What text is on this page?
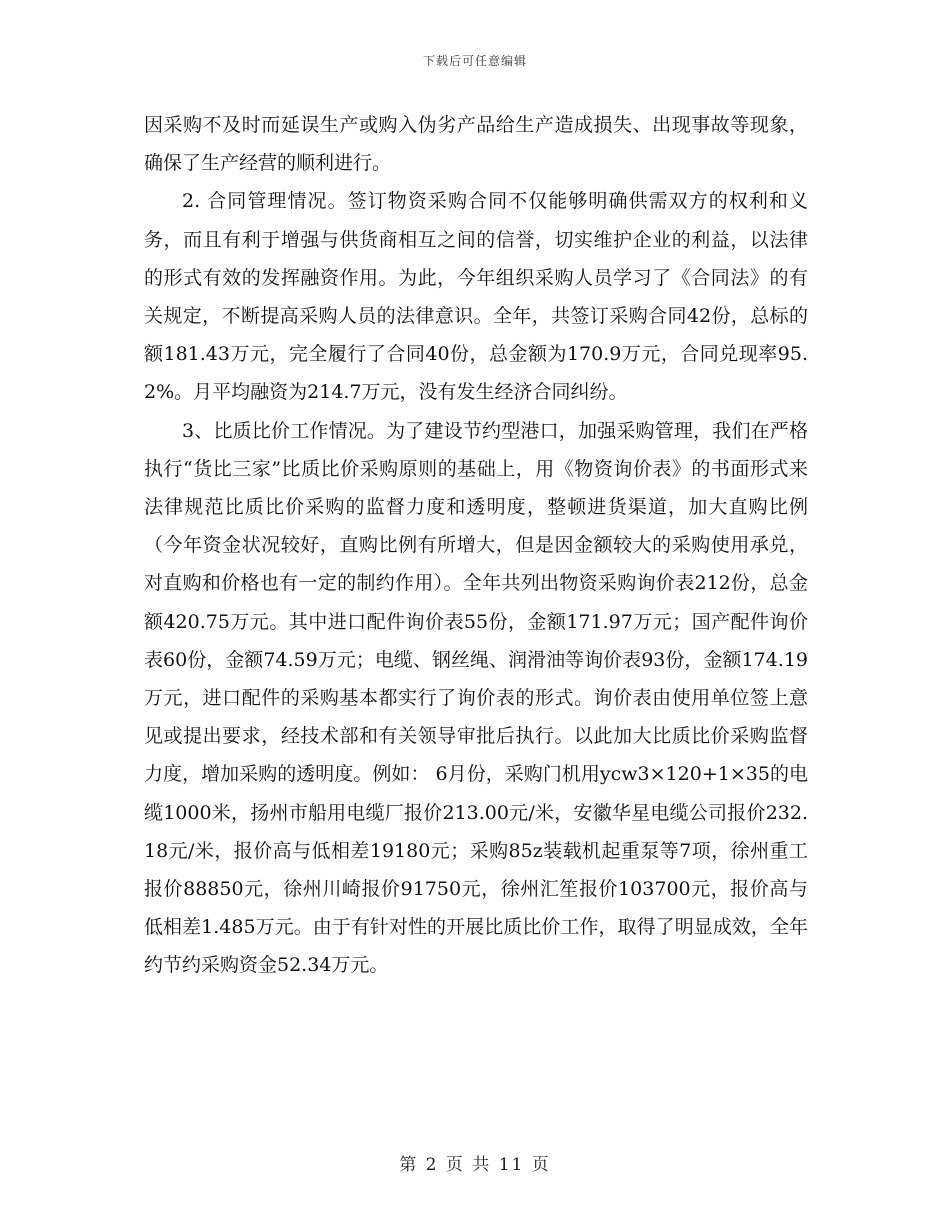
下载后可任意编辑

因采购不及时而延误生产或购入伪劣产品给生产造成损失、出现事故等现象，确保了生产经营的顺利进行。

2. 合同管理情况。签订物资采购合同不仅能够明确供需双方的权利和义务，而且有利于增强与供货商相互之间的信誉，切实维护企业的利益，以法律的形式有效的发挥融资作用。为此，今年组织采购人员学习了《合同法》的有关规定，不断提高采购人员的法律意识。全年，共签订采购合同42份，总标的额181.43万元，完全履行了合同40份，总金额为170.9万元，合同兑现率95.2%。月平均融资为214.7万元，没有发生经济合同纠纷。

3、比质比价工作情况。为了建设节约型港口，加强采购管理，我们在严格执行“货比三家”比质比价采购原则的基础上，用《物资询价表》的书面形式来法律规范比质比价采购的监督力度和透明度，整顿进货渠道，加大直购比例（今年资金状况较好，直购比例有所增大，但是因金额较大的采购使用承兑，对直购和价格也有一定的制约作用）。全年共列出物资采购询价表212份，总金额420.75万元。其中进口配件询价表55份，金额171.97万元；国产配件询价表60份，金额74.59万元；电缆、钢丝绳、润滑油等询价表93份，金额174.19万元，进口配件的采购基本都实行了询价表的形式。询价表由使用单位签上意见或提出要求，经技术部和有关领导审批后执行。以此加大比质比价采购监督力度，增加采购的透明度。例如： 6月份，采购门机用ycw3×120+1×35的电缆1000米，扬州市船用电缆厂报价213.00元/米，安徽华星电缆公司报价232.18元/米，报价高与低相差19180元；采购85z装载机起重泵等7项，徐州重工报价88850元，徐州川崎报价91750元，徐州汇笙报价103700元，报价高与低相差1.485万元。由于有针对性的开展比质比价工作，取得了明显成效，全年约节约采购资金52.34万元。

第 2 页 共 11 页
